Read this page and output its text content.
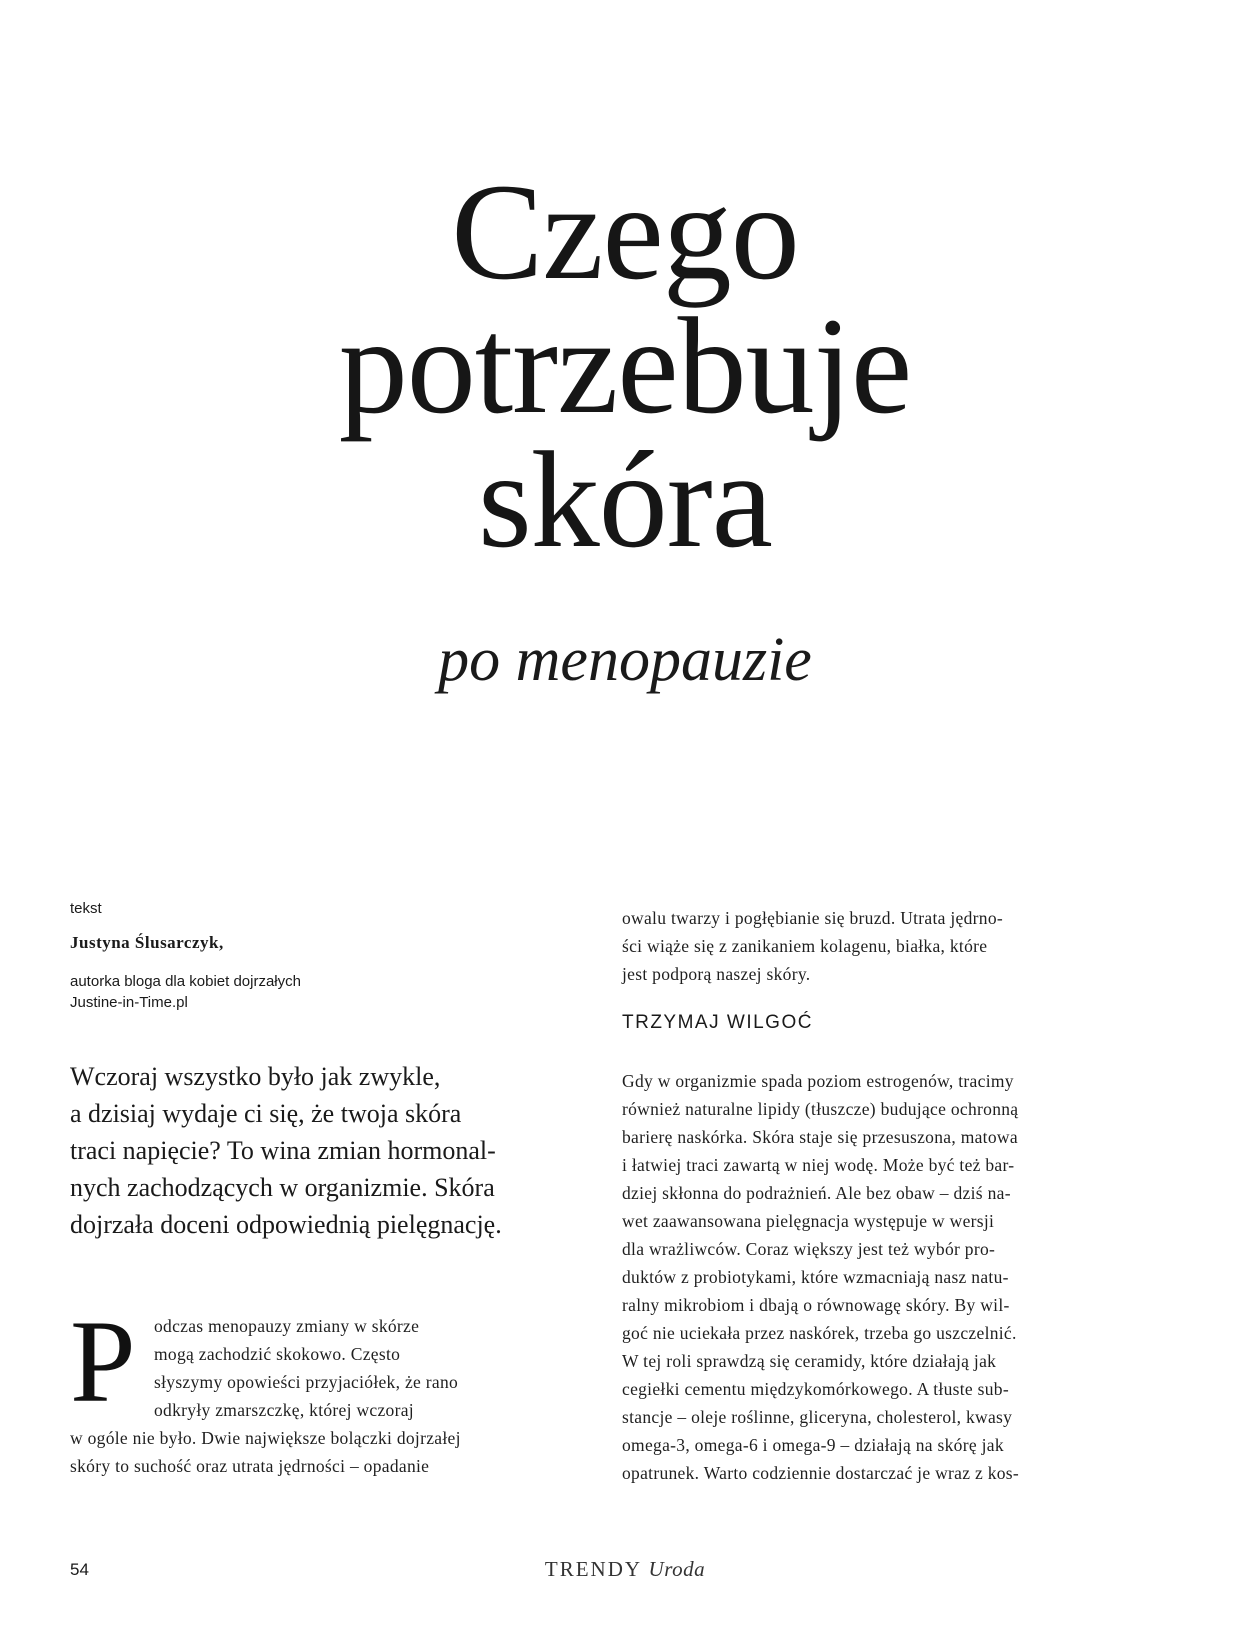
Czego
potrzebuje
skóra
po menopauzie
tekst
Justyna Ślusarczyk,
autorka bloga dla kobiet dojrzałych
Justine-in-Time.pl
Wczoraj wszystko było jak zwykle,
a dzisiaj wydaje ci się, że twoja skóra
traci napięcie? To wina zmian hormonal-
nych zachodzących w organizmie. Skóra
dojrzała doceni odpowiednią pielęgnację.
P	odczas menopauzy zmiany w skórze
mogą zachodzić skokowo. Często
słyszymy opowieści przyjaciółek, że rano
odkryły zmarszczkę, której wczoraj
w ogóle nie było. Dwie największe bolączki dojrzałej
skóry to suchość oraz utrata jędrności – opadanie
owalu twarzy i pogłębianie się bruzd. Utrata jędrno-
ści wiąże się z zanikaniem kolagenu, białka, które
jest podporą naszej skóry.
TRZYMAJ WILGOĆ
Gdy w organizmie spada poziom estrogenów, tracimy
również naturalne lipidy (tłuszcze) budujące ochronną
barierę naskórka. Skóra staje się przesuszona, matowa
i łatwiej traci zawartą w niej wodę. Może być też bar-
dziej skłonna do podrażnień. Ale bez obaw – dziś na-
wet zaawansowana pielęgnacja występuje w wersji
dla wrażliwców. Coraz większy jest też wybór pro-
duktów z probiotykami, które wzmacniają nasz natu-
ralny mikrobiom i dbają o równowagę skóry. By wil-
goć nie uciekała przez naskórek, trzeba go uszczelnić.
W tej roli sprawdzą się ceramidy, które działają jak
cegiełki cementu międzykomórkowego. A tłuste sub-
stancje – oleje roślinne, gliceryna, cholesterol, kwasy
omega-3, omega-6 i omega-9 – działają na skórę jak
opatrunek. Warto codziennie dostarczać je wraz z kos-
54	TRENDY Uroda
